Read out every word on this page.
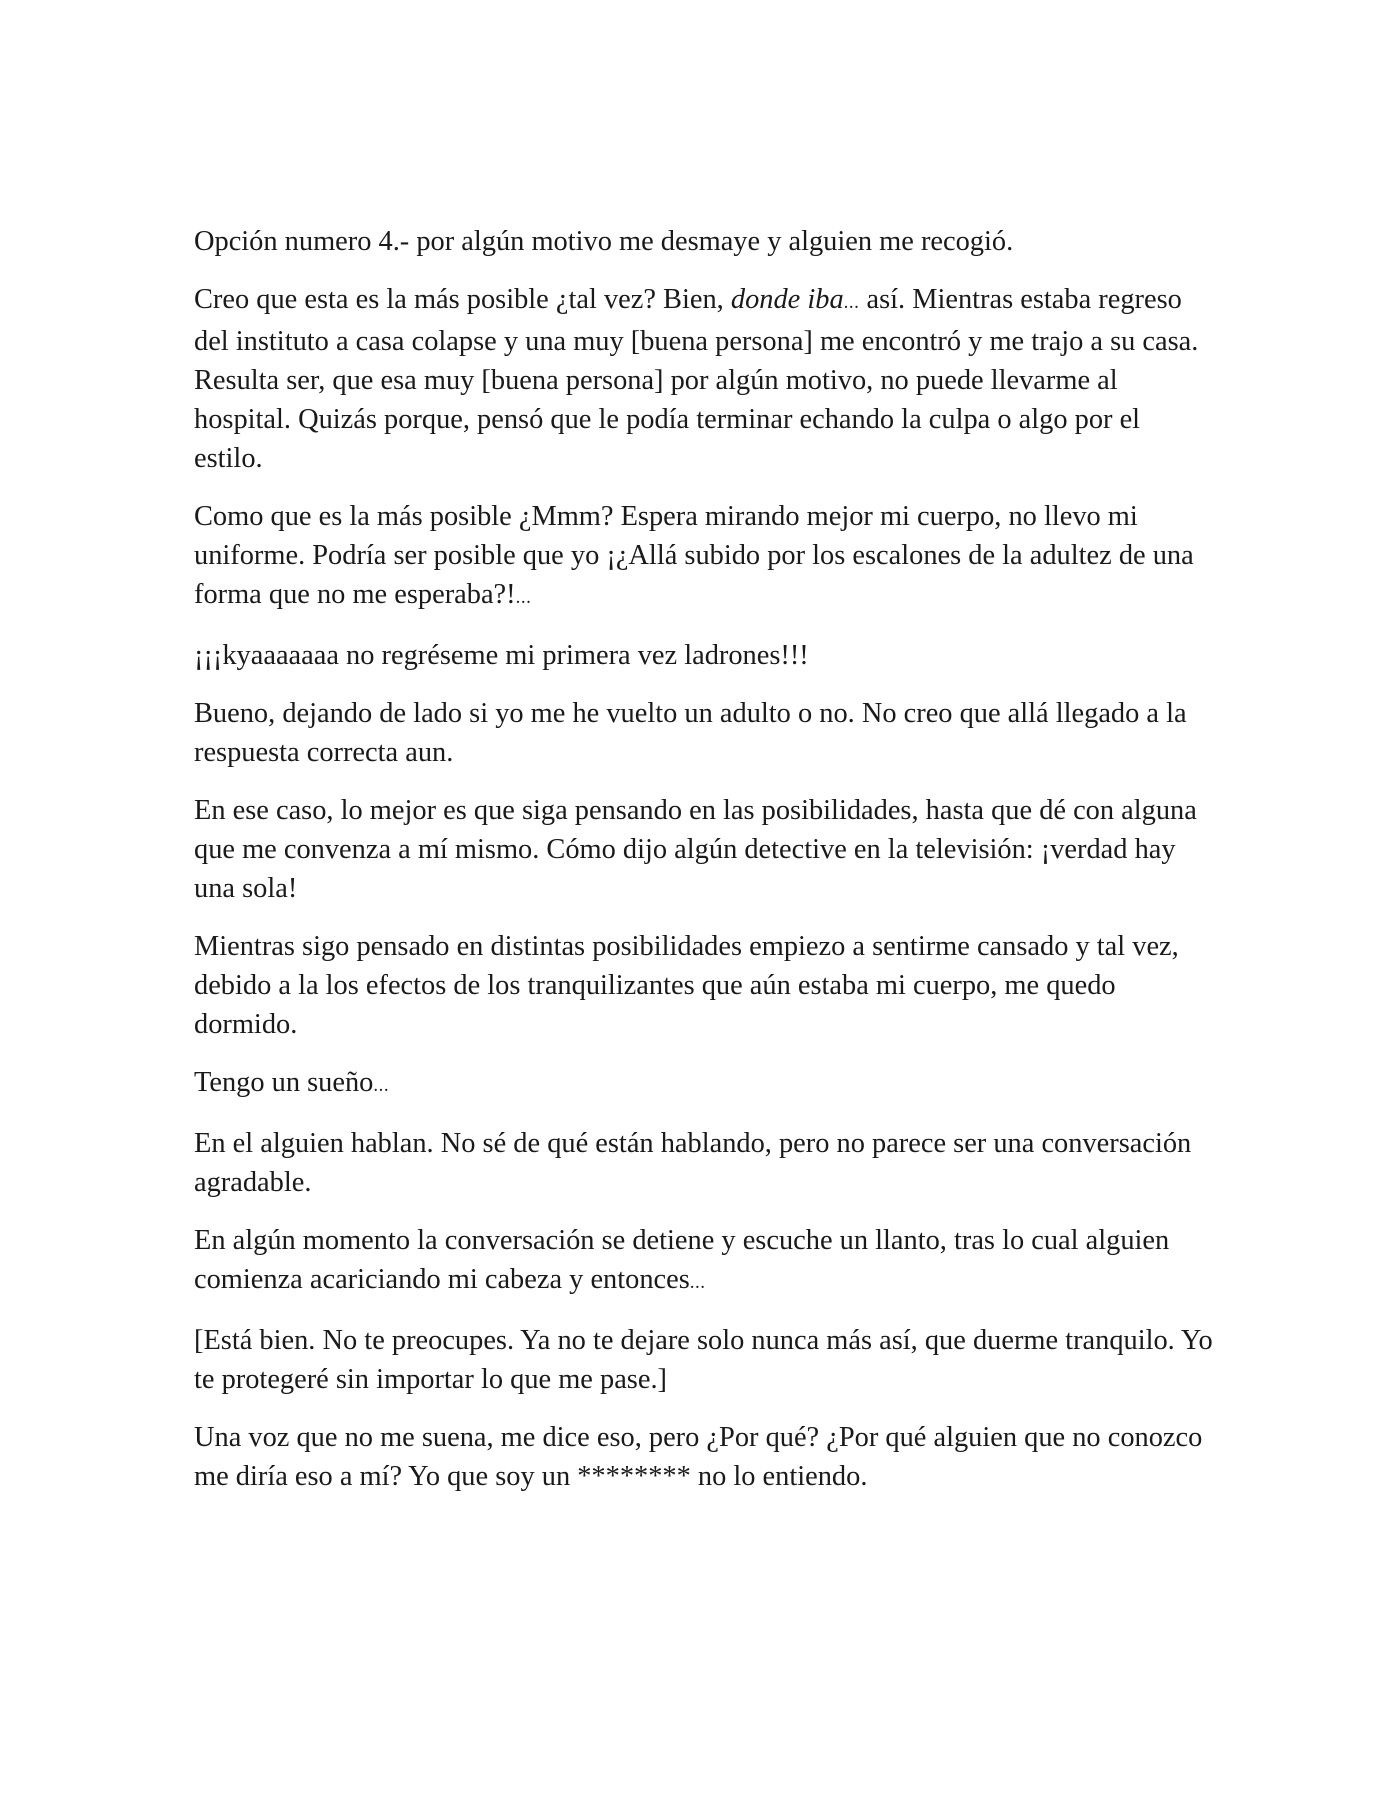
Opción numero 4.- por algún motivo me desmaye y alguien me recogió.

Creo que esta es la más posible ¿tal vez? Bien, donde iba... así. Mientras estaba regreso del instituto a casa colapse y una muy [buena persona] me encontró y me trajo a su casa. Resulta ser, que esa muy [buena persona] por algún motivo, no puede llevarme al hospital. Quizás porque, pensó que le podía terminar echando la culpa o algo por el estilo.

Como que es la más posible ¿Mmm? Espera mirando mejor mi cuerpo, no llevo mi uniforme. Podría ser posible que yo ¡¿Allá subido por los escalones de la adultez de una forma que no me esperaba?!...

¡¡¡kyaaaaaaa no regréseme mi primera vez ladrones!!!

Bueno, dejando de lado si yo me he vuelto un adulto o no. No creo que allá llegado a la respuesta correcta aun.

En ese caso, lo mejor es que siga pensando en las posibilidades, hasta que dé con alguna que me convenza a mí mismo. Cómo dijo algún detective en la televisión: ¡verdad hay una sola!

Mientras sigo pensado en distintas posibilidades empiezo a sentirme cansado y tal vez, debido a la los efectos de los tranquilizantes que aún estaba mi cuerpo, me quedo dormido.

Tengo un sueño...

En el alguien hablan. No sé de qué están hablando, pero no parece ser una conversación agradable.

En algún momento la conversación se detiene y escuche un llanto, tras lo cual alguien comienza acariciando mi cabeza y entonces...

[Está bien. No te preocupes. Ya no te dejare solo nunca más así, que duerme tranquilo. Yo te protegeré sin importar lo que me pase.]

Una voz que no me suena, me dice eso, pero ¿Por qué? ¿Por qué alguien que no conozco me diría eso a mí? Yo que soy un ******** no lo entiendo.
